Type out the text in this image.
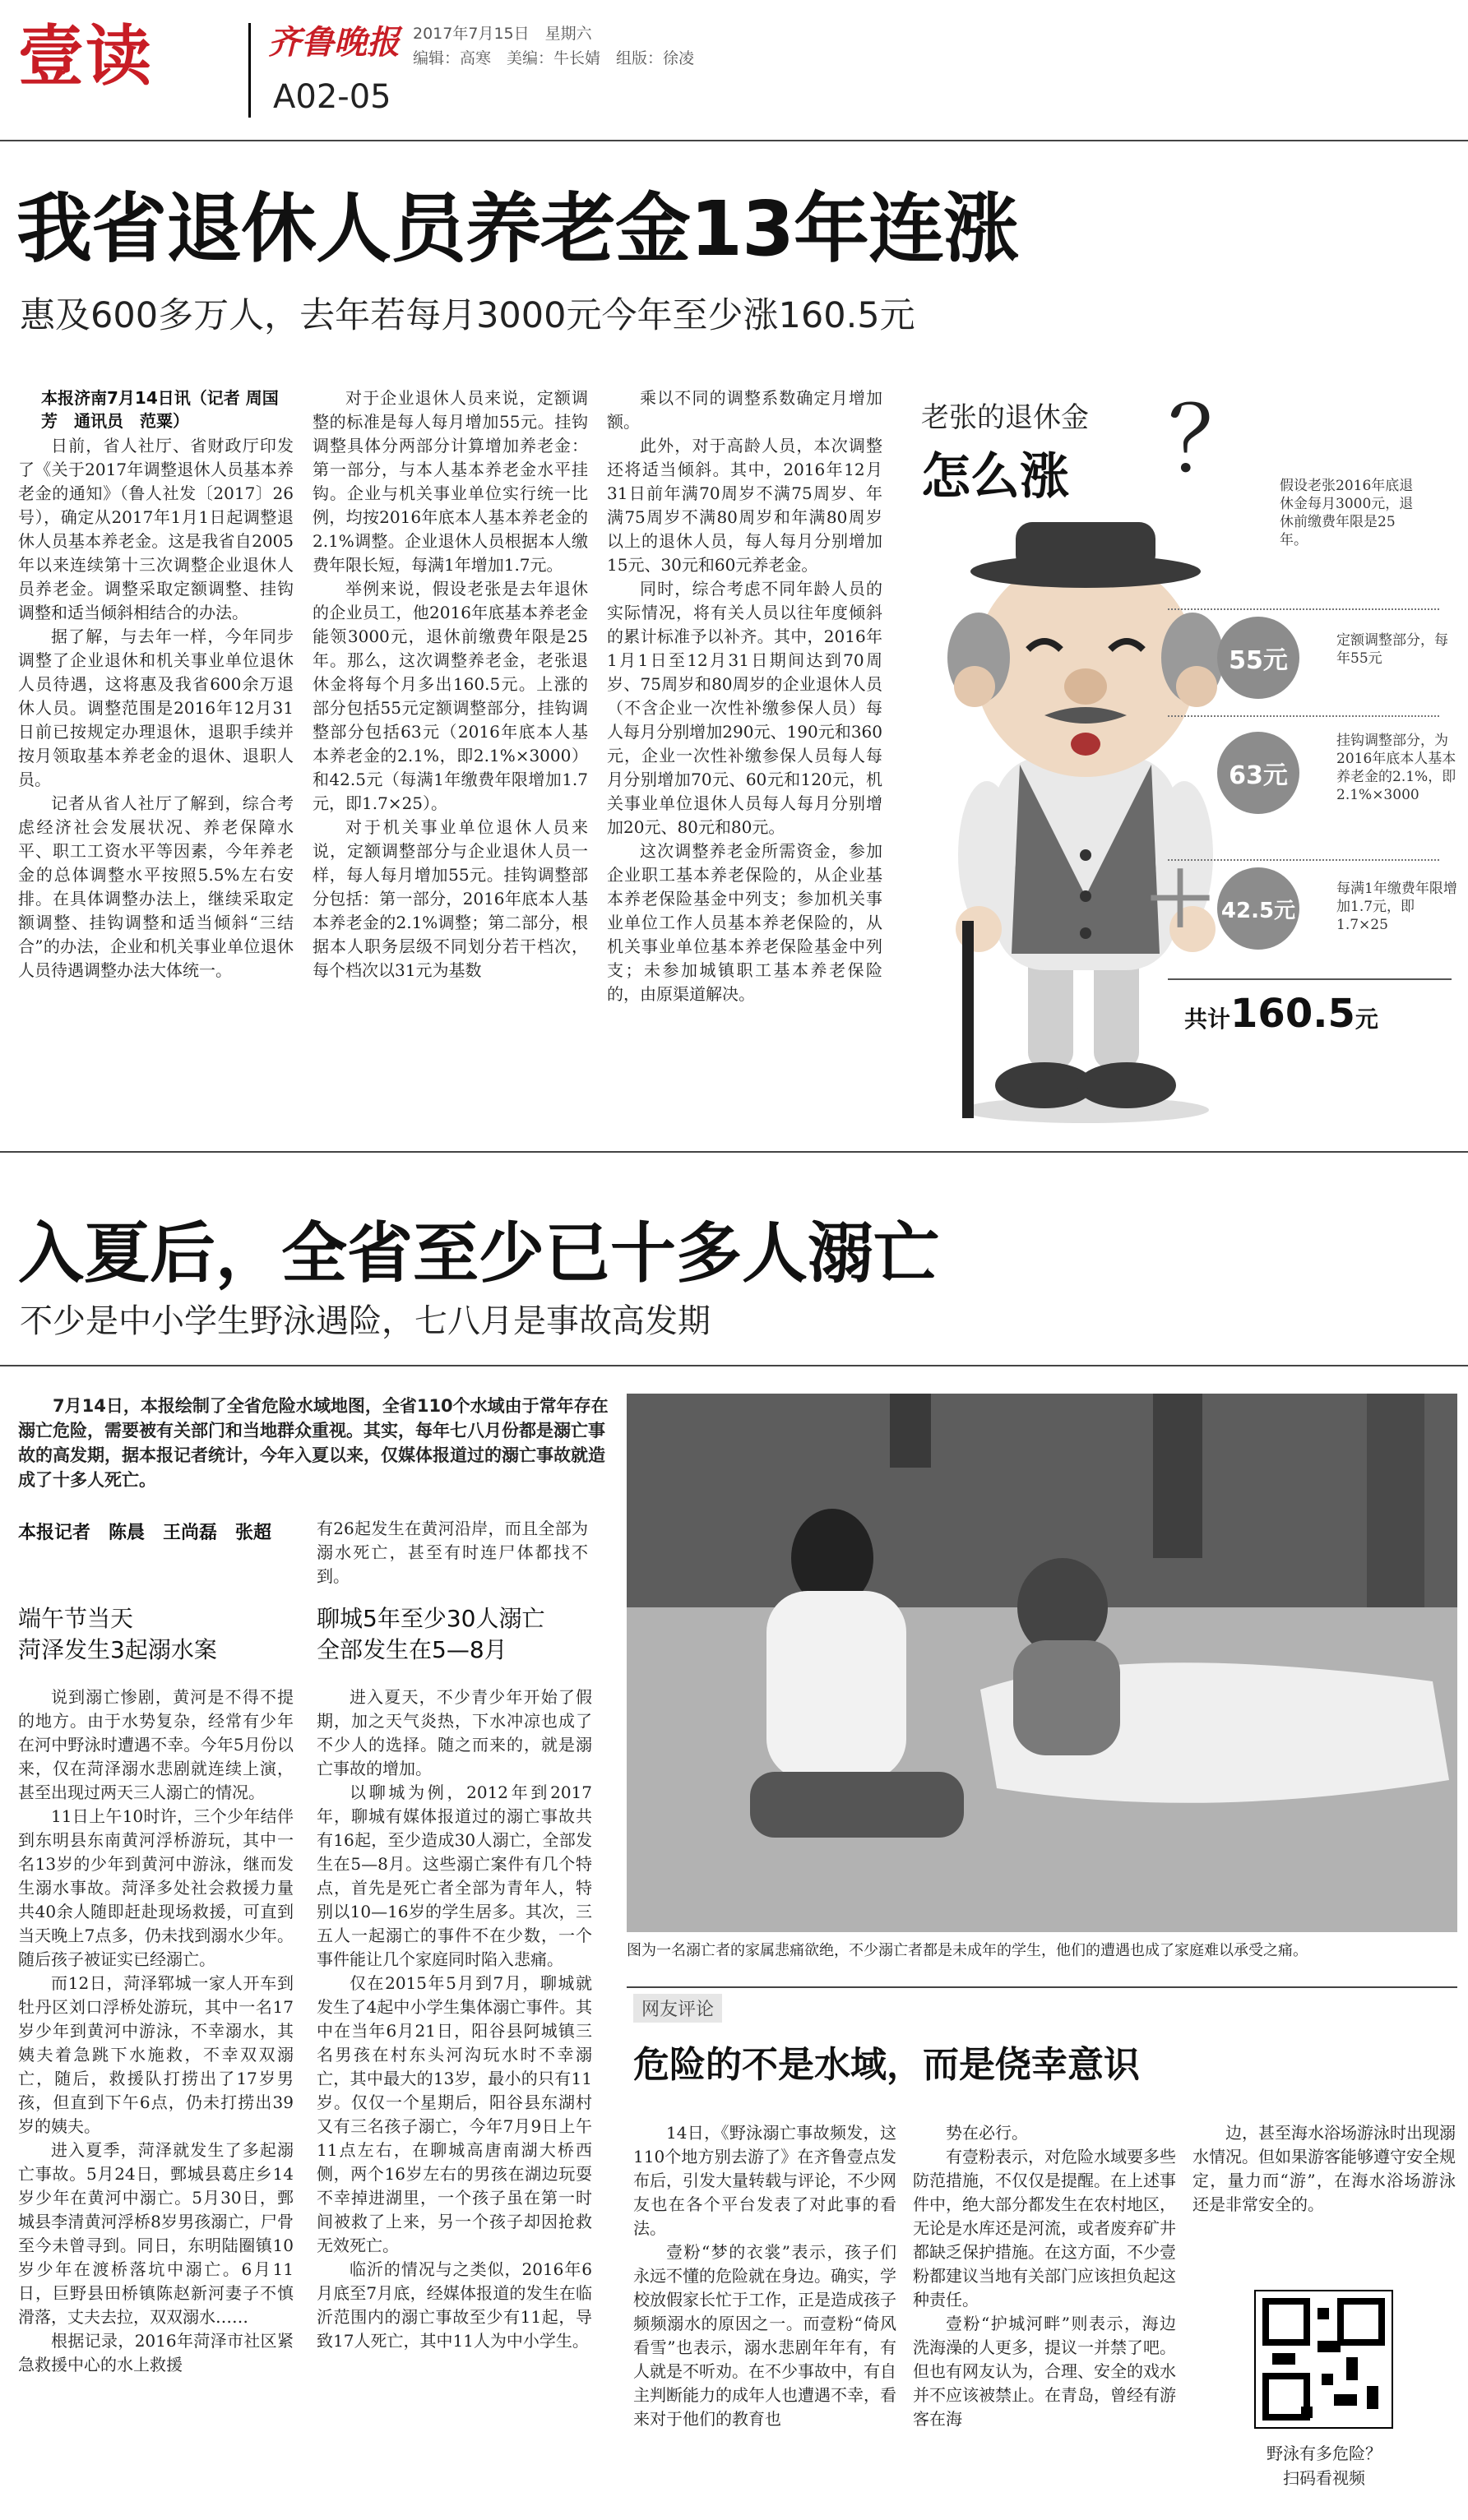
壹读	齐鲁晚报 2017年7月15日　星期六
编辑：高寒　美编：牛长婧　组版：徐凌
A02-05
我省退休人员养老金13年连涨
惠及600多万人，去年若每月3000元今年至少涨160.5元
本报济南7月14日讯（记者 周国芳　通讯员　范粟）

日前，省人社厅、省财政厅印发了《关于2017年调整退休人员基本养老金的通知》（鲁人社发〔2017〕26号），确定从2017年1月1日起调整退休人员基本养老金。这是我省自2005年以来连续第十三次调整企业退休人员养老金。调整采取定额调整、挂钩调整和适当倾斜相结合的办法。

据了解，与去年一样，今年同步调整了企业退休和机关事业单位退休人员待遇，这将惠及我省600余万退休人员。调整范围是2016年12月31日前已按规定办理退休，退职手续并按月领取基本养老金的退休、退职人员。

记者从省人社厅了解到，综合考虑经济社会发展状况、养老保障水平、职工工资水平等因素，今年养老金的总体调整水平按照5.5%左右安排。在具体调整办法上，继续采取定额调整、挂钩调整和适当倾斜“三结合”的办法，企业和机关事业单位退休人员待遇调整办法大体统一。

对于企业退休人员来说，定额调整的标准是每人每月增加55元。挂钩调整具体分两部分计算增加养老金：第一部分，与本人基本养老金水平挂钩。企业与机关事业单位实行统一比例，均按2016年底本人基本养老金的2.1%调整。企业退休人员根据本人缴费年限长短，每满1年增加1.7元。

举例来说，假设老张是去年退休的企业员工，他2016年底基本养老金能领3000元，退休前缴费年限是25年。那么，这次调整养老金，老张退休金将每个月多出160.5元。上涨的部分包括55元定额调整部分，挂钩调整部分包括63元（2016年底本人基本养老金的2.1%，即2.1%×3000）和42.5元（每满1年缴费年限增加1.7元，即1.7×25）。

对于机关事业单位退休人员来说，定额调整部分与企业退休人员一样，每人每月增加55元。挂钩调整部分包括：第一部分，2016年底本人基本养老金的2.1%调整；第二部分，根据本人职务层级不同划分若干档次，每个档次以31元为基数

乘以不同的调整系数确定月增加额。

此外，对于高龄人员，本次调整还将适当倾斜。其中，2016年12月31日前年满70周岁不满75周岁、年满75周岁不满80周岁和年满80周岁以上的退休人员，每人每月分别增加15元、30元和60元养老金。

同时，综合考虑不同年龄人员的实际情况，将有关人员以往年度倾斜的累计标准予以补齐。其中，2016年1月1日至12月31日期间达到70周岁、75周岁和80周岁的企业退休人员（不含企业一次性补缴参保人员）每人每月分别增加290元、190元和360元，企业一次性补缴参保人员每人每月分别增加70元、60元和120元，机关事业单位退休人员每人每月分别增加20元、80元和80元。

这次调整养老金所需资金，参加企业职工基本养老保险的，从企业基本养老保险基金中列支；参加机关事业单位工作人员基本养老保险的，从机关事业单位基本养老保险基金中列支；未参加城镇职工基本养老保险的，由原渠道解决。

老张的退休金
怎么涨 ？ 假设老张2016年底退休金每月3000元，退休前缴费年限是25年。
55元
定额调整部分，每年55元
63元
挂钩调整部分，为2016年底本人基本养老金的2.1%，即2.1%×3000
＋ 42.5元
每满1年缴费年限增加1.7元，即1.7×25
共计160.5元
入夏后，全省至少已十多人溺亡
不少是中小学生野泳遇险，七八月是事故高发期
7月14日，本报绘制了全省危险水域地图，全省110个水域由于常年存在溺亡危险，需要被有关部门和当地群众重视。其实，每年七八月份都是溺亡事故的高发期，据本报记者统计，今年入夏以来，仅媒体报道过的溺亡事故就造成了十多人死亡。
本报记者　陈晨　王尚磊　张超
端午节当天
菏泽发生3起溺水案

说到溺亡惨剧，黄河是不得不提的地方。由于水势复杂，经常有少年在河中野泳时遭遇不幸。今年5月份以来，仅在菏泽溺水悲剧就连续上演，甚至出现过两天三人溺亡的情况。

11日上午10时许，三个少年结伴到东明县东南黄河浮桥游玩，其中一名13岁的少年到黄河中游泳，继而发生溺水事故。菏泽多处社会救援力量共40余人随即赶赴现场救援，可直到当天晚上7点多，仍未找到溺水少年。随后孩子被证实已经溺亡。

而12日，菏泽郓城一家人开车到牡丹区刘口浮桥处游玩，其中一名17岁少年到黄河中游泳，不幸溺水，其姨夫着急跳下水施救，不幸双双溺亡，随后，救援队打捞出了17岁男孩，但直到下午6点，仍未打捞出39岁的姨夫。

进入夏季，菏泽就发生了多起溺亡事故。5月24日，鄄城县葛庄乡14岁少年在黄河中溺亡。5月30日，鄄城县李清黄河浮桥8岁男孩溺亡，尸骨至今未曾寻到。同日，东明陆圈镇10岁少年在渡桥落坑中溺亡。6月11日，巨野县田桥镇陈赵新河妻子不慎滑落，丈夫去拉，双双溺水……

根据记录，2016年菏泽市社区紧急救援中心的水上救援

有26起发生在黄河沿岸，而且全部为溺水死亡，甚至有时连尸体都找不到。
聊城5年至少30人溺亡
全部发生在5—8月

进入夏天，不少青少年开始了假期，加之天气炎热，下水冲凉也成了不少人的选择。随之而来的，就是溺亡事故的增加。

以聊城为例，2012年到2017年，聊城有媒体报道过的溺亡事故共有16起，至少造成30人溺亡，全部发生在5—8月。这些溺亡案件有几个特点，首先是死亡者全部为青年人，特别以10—16岁的学生居多。其次，三五人一起溺亡的事件不在少数，一个事件能让几个家庭同时陷入悲痛。

仅在2015年5月到7月，聊城就发生了4起中小学生集体溺亡事件。其中在当年6月21日，阳谷县阿城镇三名男孩在村东头河沟玩水时不幸溺亡，其中最大的13岁，最小的只有11岁。仅仅一个星期后，阳谷县东湖村又有三名孩子溺亡，今年7月9日上午11点左右，在聊城高唐南湖大桥西侧，两个16岁左右的男孩在湖边玩耍不幸掉进湖里，一个孩子虽在第一时间被救了上来，另一个孩子却因抢救无效死亡。

临沂的情况与之类似，2016年6月底至7月底，经媒体报道的发生在临沂范围内的溺亡事故至少有11起，导致17人死亡，其中11人为中小学生。

图为一名溺亡者的家属悲痛欲绝，不少溺亡者都是未成年的学生，他们的遭遇也成了家庭难以承受之痛。
网友评论
危险的不是水域，而是侥幸意识

14日，《野泳溺亡事故频发，这110个地方别去游了》在齐鲁壹点发布后，引发大量转载与评论，不少网友也在各个平台发表了对此事的看法。

壹粉“梦的衣裳”表示，孩子们永远不懂的危险就在身边。确实，学校放假家长忙于工作，正是造成孩子频频溺水的原因之一。而壹粉“倚风看雪”也表示，溺水悲剧年年有，有人就是不听劝。在不少事故中，有自主判断能力的成年人也遭遇不幸，看来对于他们的教育也

势在必行。

有壹粉表示，对危险水域要多些防范措施，不仅仅是提醒。在上述事件中，绝大部分都发生在农村地区，无论是水库还是河流，或者废弃矿井都缺乏保护措施。在这方面，不少壹粉都建议当地有关部门应该担负起这种责任。

壹粉“护城河畔”则表示，海边洗海澡的人更多，提议一并禁了吧。但也有网友认为，合理、安全的戏水并不应该被禁止。在青岛，曾经有游客在海

边，甚至海水浴场游泳时出现溺水情况。但如果游客能够遵守安全规定，量力而“游”，在海水浴场游泳还是非常安全的。

野泳有多危险？
扫码看视频
